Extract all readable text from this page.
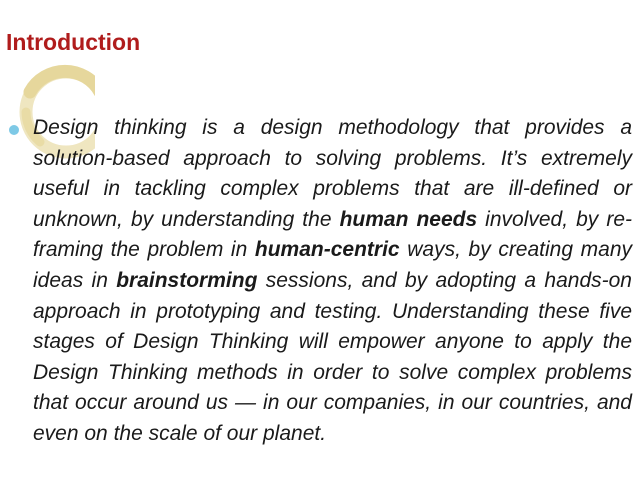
Introduction

Design thinking is a design methodology that provides a solution-based approach to solving problems. It’s extremely useful in tackling complex problems that are ill-defined or unknown, by understanding the human needs involved, by re-framing the problem in human-centric ways, by creating many ideas in brainstorming sessions, and by adopting a hands-on approach in prototyping and testing. Understanding these five stages of Design Thinking will empower anyone to apply the Design Thinking methods in order to solve complex problems that occur around us — in our companies, in our countries, and even on the scale of our planet.
